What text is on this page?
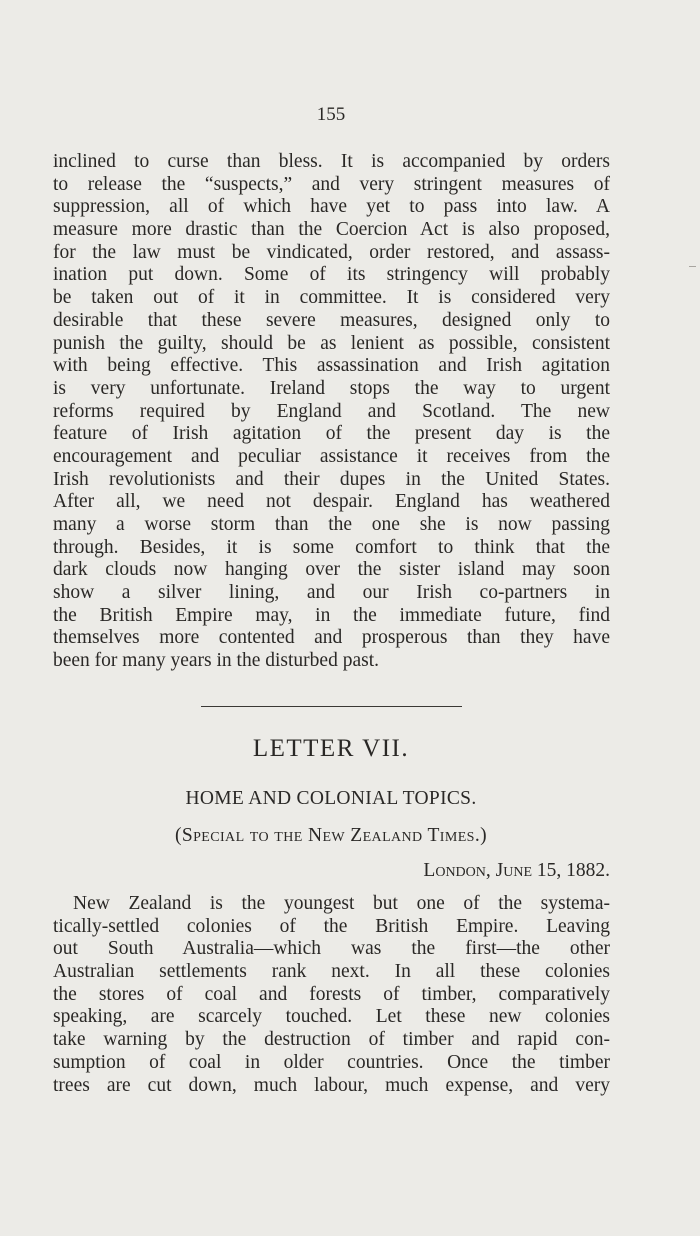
155
inclined to curse than bless. It is accompanied by orders
to release the “suspects,” and very stringent measures of
suppression, all of which have yet to pass into law. A
measure more drastic than the Coercion Act is also proposed,
for the law must be vindicated, order restored, and assass-
ination put down. Some of its stringency will probably
be taken out of it in committee. It is considered very
desirable that these severe measures, designed only to
punish the guilty, should be as lenient as possible, consistent
with being effective. This assassination and Irish agitation
is very unfortunate. Ireland stops the way to urgent
reforms required by England and Scotland. The new
feature of Irish agitation of the present day is the
encouragement and peculiar assistance it receives from the
Irish revolutionists and their dupes in the United States.
After all, we need not despair. England has weathered
many a worse storm than the one she is now passing
through. Besides, it is some comfort to think that the
dark clouds now hanging over the sister island may soon
show a silver lining, and our Irish co-partners in
the British Empire may, in the immediate future, find
themselves more contented and prosperous than they have
been for many years in the disturbed past.
LETTER VII.
HOME AND COLONIAL TOPICS.
(Special to the New Zealand Times.)
London, June 15, 1882.
New Zealand is the youngest but one of the systema-
tically-settled colonies of the British Empire. Leaving
out South Australia—which was the first—the other
Australian settlements rank next. In all these colonies
the stores of coal and forests of timber, comparatively
speaking, are scarcely touched. Let these new colonies
take warning by the destruction of timber and rapid con-
sumption of coal in older countries. Once the timber
trees are cut down, much labour, much expense, and very
